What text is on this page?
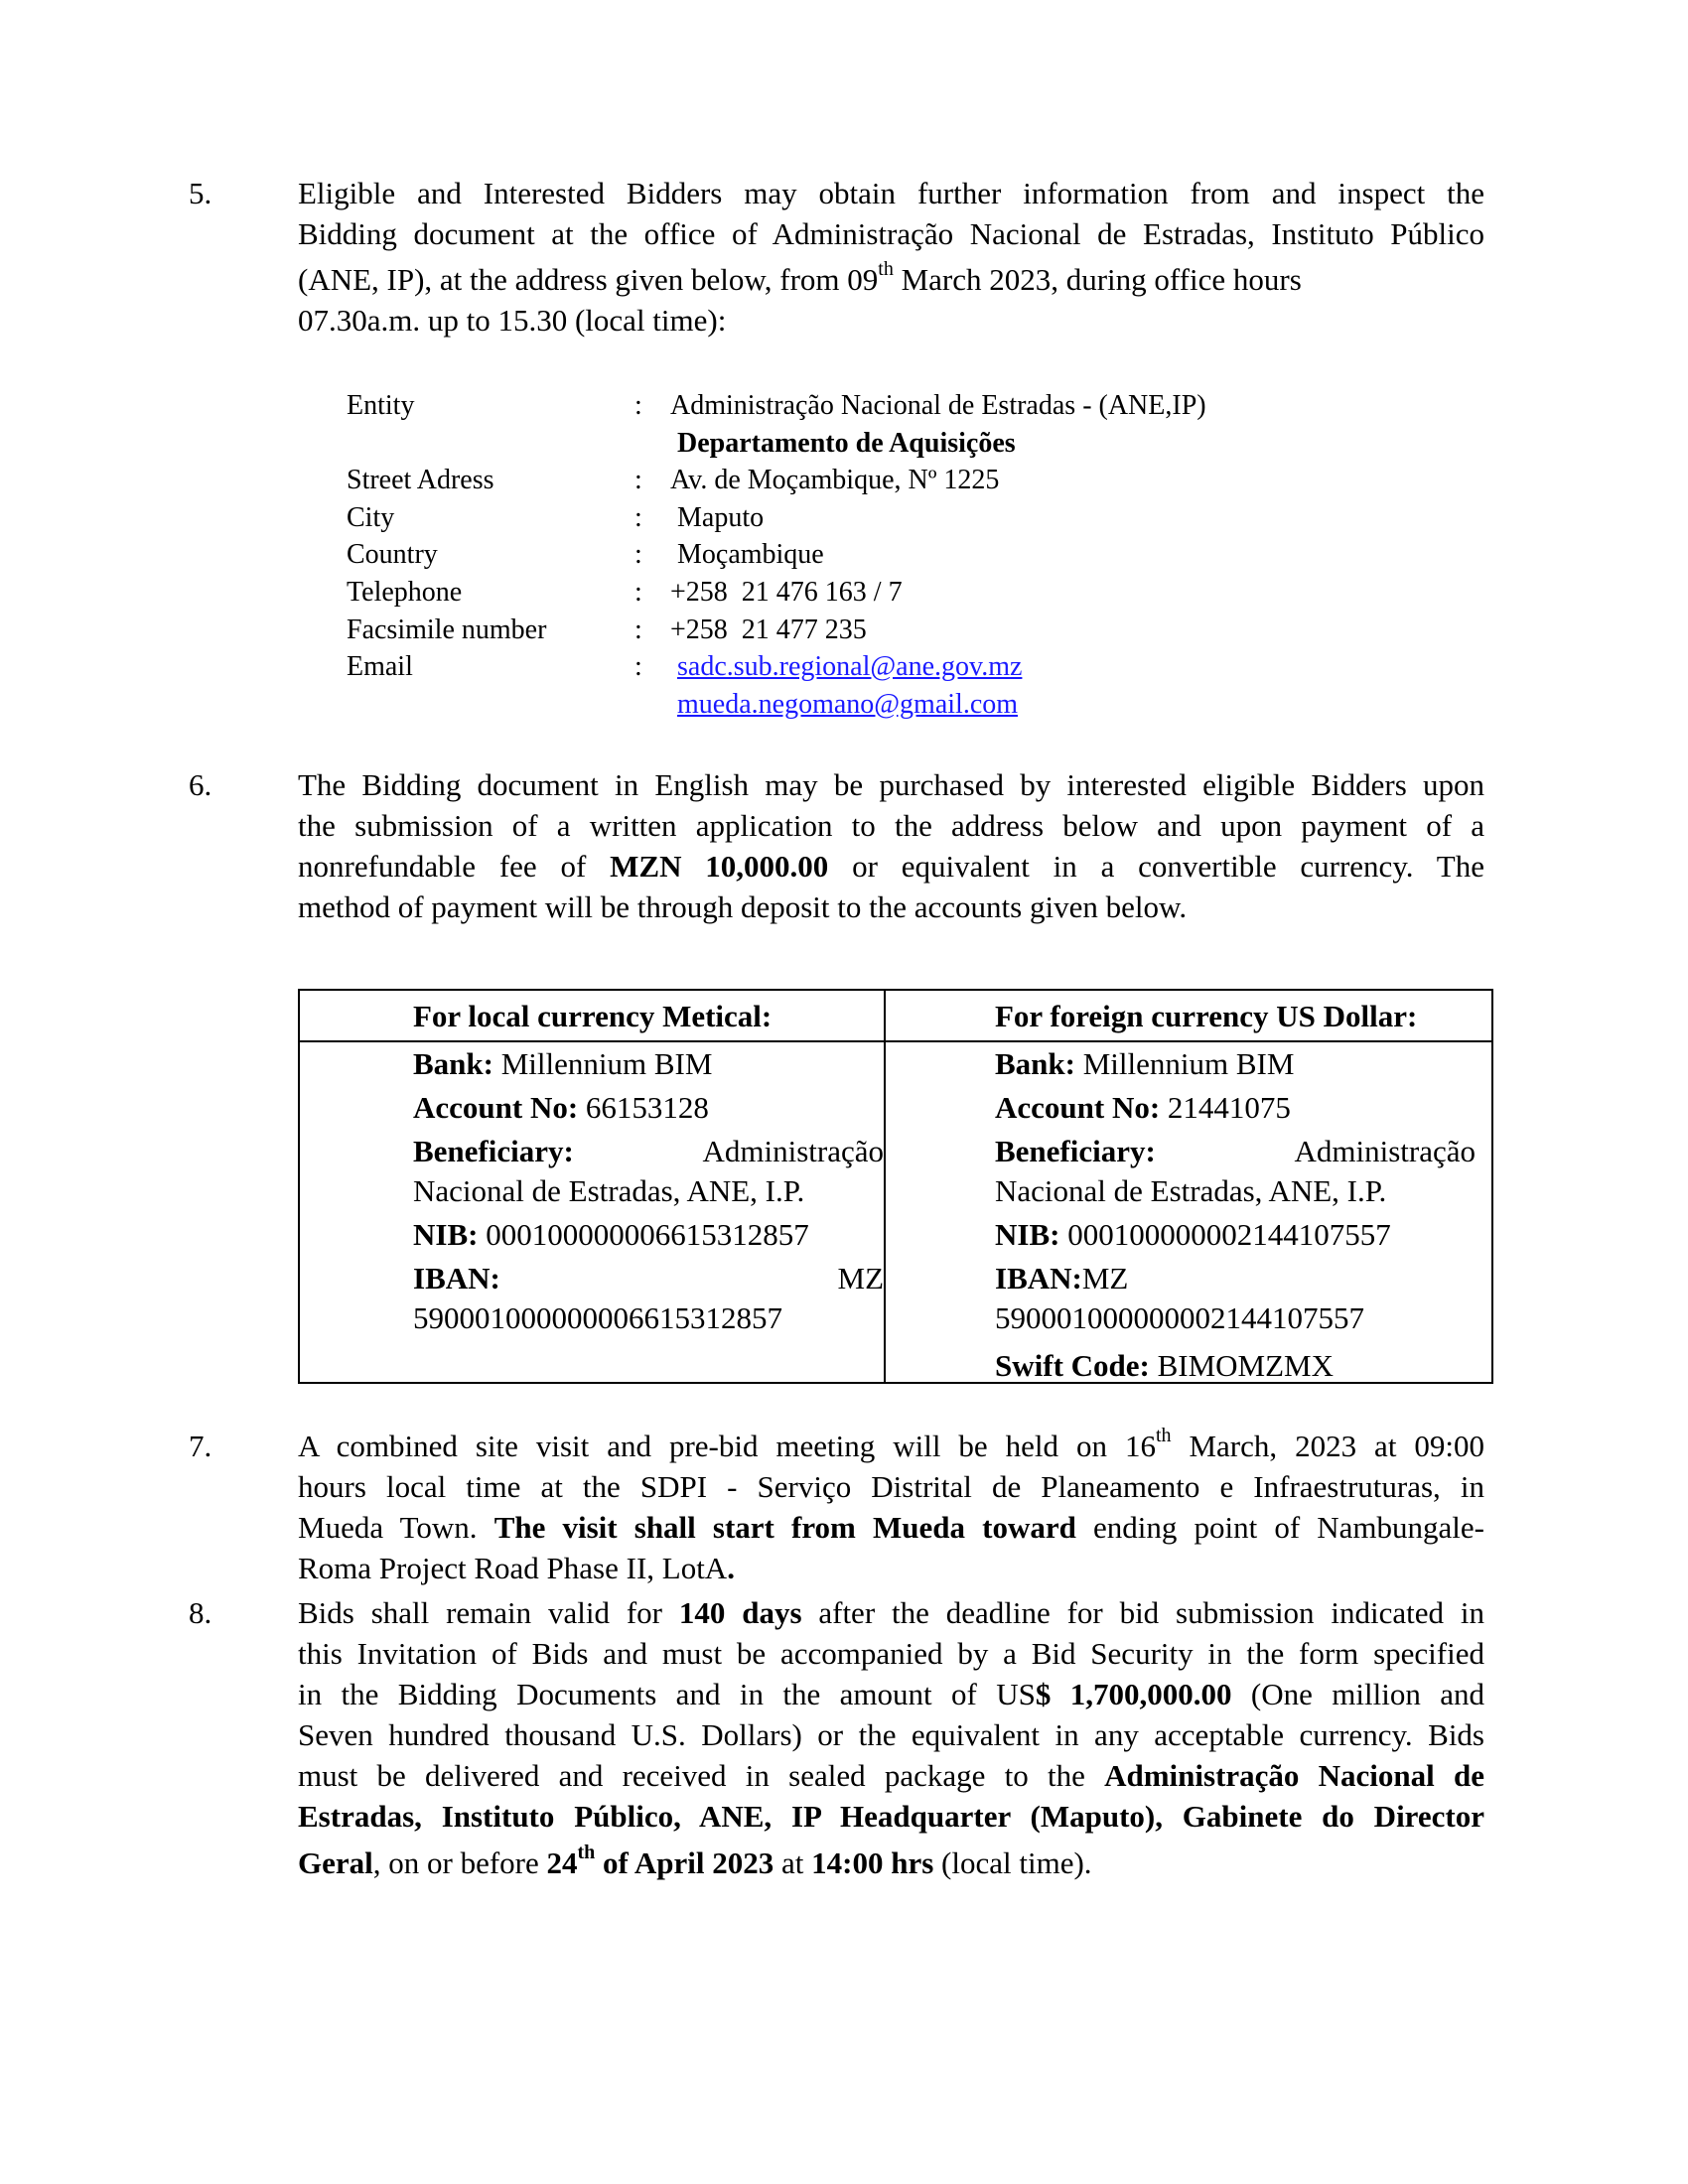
5.	Eligible and Interested Bidders may obtain further information from and inspect the
Bidding document at the office of Administração Nacional de Estradas, Instituto Público
(ANE, IP), at the address given below, from 09th March 2023, during office hours
07.30a.m. up to 15.30 (local time):
Entity	:	Administração Nacional de Estradas - (ANE,IP)
Departamento de Aquisições
Street Adress	:	Av. de Moçambique, Nº 1225
City	:	Maputo
Country	:	Moçambique
Telephone	:	+258  21 476 163 / 7
Facsimile number	:	+258  21 477 235
Email	:	sadc.sub.regional@ane.gov.mz
mueda.negomano@gmail.com
6.	The Bidding document in English may be purchased by interested eligible Bidders upon
the submission of a written application to the address below and upon payment of a
nonrefundable fee of MZN 10,000.00 or equivalent in a convertible currency. The
method of payment will be through deposit to the accounts given below.
For local currency Metical:
Bank: Millennium BIM
Account No: 66153128
Beneficiary:	Administração
Nacional de Estradas, ANE, I.P.
NIB: 000100000006615312857
IBAN:	MZ
590001000000006615312857
For foreign currency US Dollar:
Bank: Millennium BIM
Account No: 21441075
Beneficiary:	Administração
Nacional de Estradas, ANE, I.P.
NIB: 000100000002144107557
IBAN:MZ
590001000000002144107557
Swift Code: BIMOMZMX
7.	A combined site visit and pre-bid meeting will be held on 16th March, 2023 at 09:00
hours local time at the SDPI - Serviço Distrital de Planeamento e Infraestruturas, in
Mueda Town. The visit shall start from Mueda toward ending point of Nambungale-
Roma Project Road Phase II, LotA.
8.	Bids shall remain valid for 140 days after the deadline for bid submission indicated in
this Invitation of Bids and must be accompanied by a Bid Security in the form specified
in the Bidding Documents and in the amount of US$ 1,700,000.00 (One million and
Seven hundred thousand U.S. Dollars) or the equivalent in any acceptable currency. Bids
must be delivered and received in sealed package to the Administração Nacional de
Estradas, Instituto Público, ANE, IP Headquarter (Maputo), Gabinete do Director
Geral, on or before 24th of April 2023 at 14:00 hrs (local time).
